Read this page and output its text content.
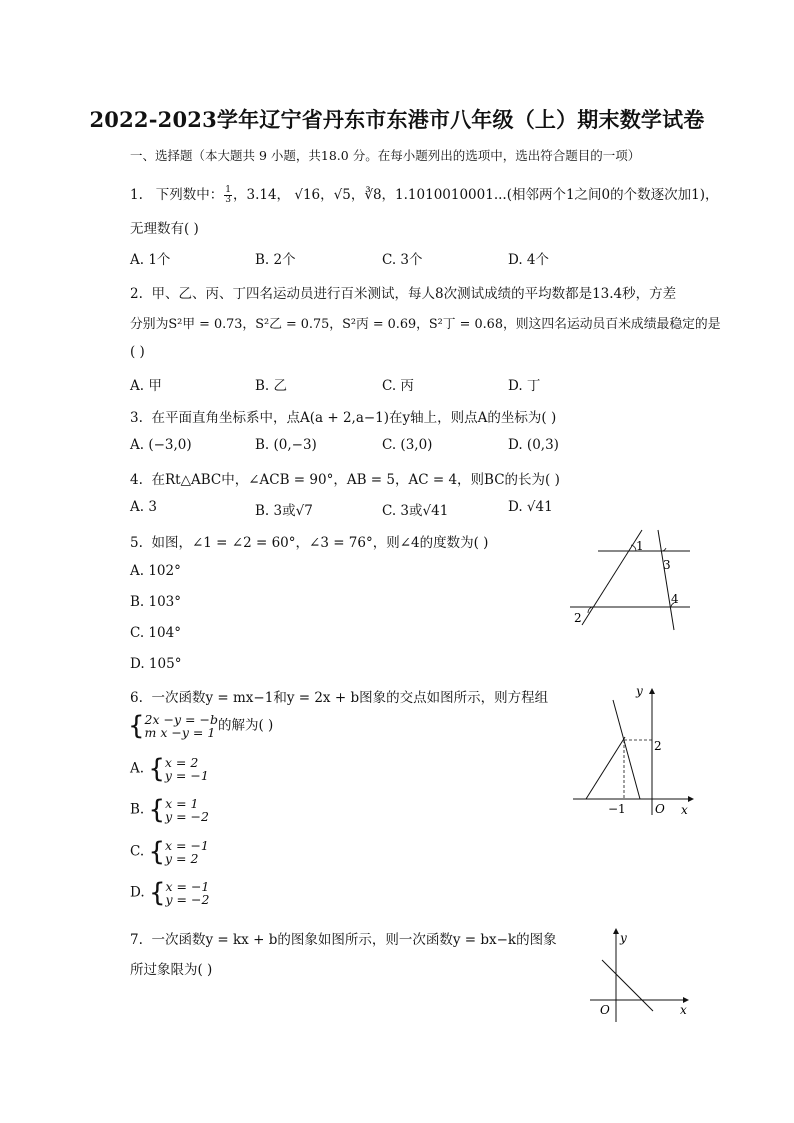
2022-2023学年辽宁省丹东市东港市八年级（上）期末数学试卷
一、选择题（本大题共 9 小题，共18.0 分。在每小题列出的选项中，选出符合题目的一项）
1. 下列数中： $\frac{1}{3}$ ，3.14， √16，√5，∛8，1.1010010001...(相邻两个1之间0的个数逐次加1)，
无理数有( )
A. 1个	B. 2个	C. 3个	D. 4个
2. 甲、乙、丙、丁四名运动员进行百米测试，每人8次测试成绩的平均数都是13.4秒，方差
分别为S²甲 = 0.73，S²乙 = 0.75，S²丙 = 0.69，S²丁 = 0.68，则这四名运动员百米成绩最稳定的是
( )
A. 甲	B. 乙	C. 丙	D. 丁
3. 在平面直角坐标系中，点A(a + 2,a−1)在y轴上，则点A的坐标为( )
A. (−3,0)	B. (0,−3)	C. (3,0)	D. (0,3)
4. 在Rt△ABC中，∠ACB = 90°，AB = 5，AC = 4，则BC的长为( )
A. 3	B. 3或√7	C. 3或√41	D. √41
5. 如图，∠1 = ∠2 = 60°，∠3 = 76°，则∠4的度数为( )
A. 102°
B. 103°
C. 104°
D. 105°
1
3
4
2
6. 一次函数y = mx−1和y = 2x + b图象的交点如图所示，则方程组
{2x −y = −b
m x −y = 1 的解为( )
A. {x = 2
y = −1
B. {x = 1
y = −2
C. {x = −1
y = 2
D. {x = −1
y = −2
y
x
O
2
−1
7. 一次函数y = kx + b的图象如图所示，则一次函数y = bx−k的图象
所过象限为( )
y
x
O
